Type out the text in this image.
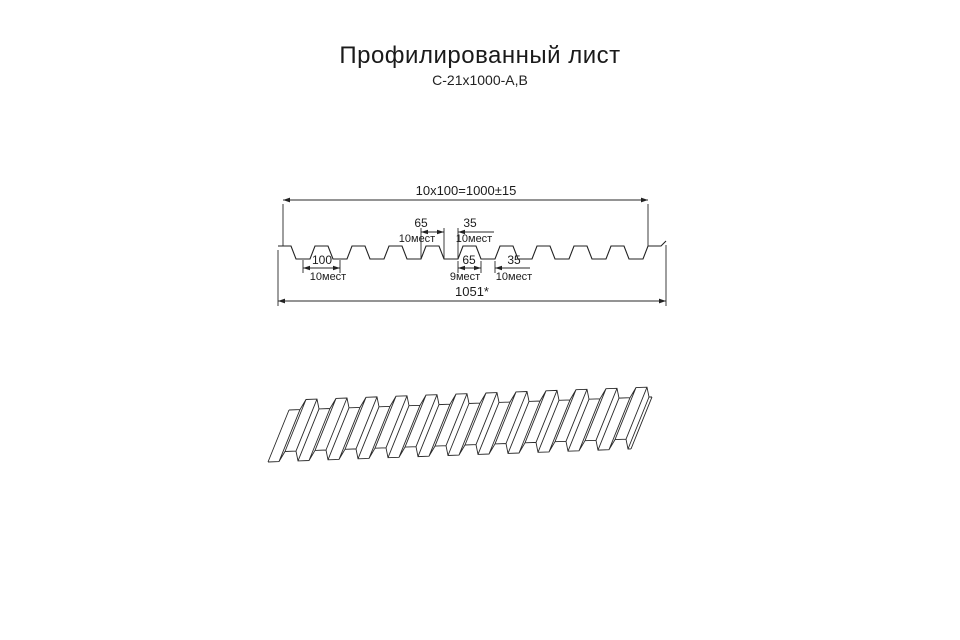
Профилированный лист
С-21х1000-А,В
10x100=1000±15
1051*
65
10мест
35
10мест
100
10мест
65
9мест
35
10мест
